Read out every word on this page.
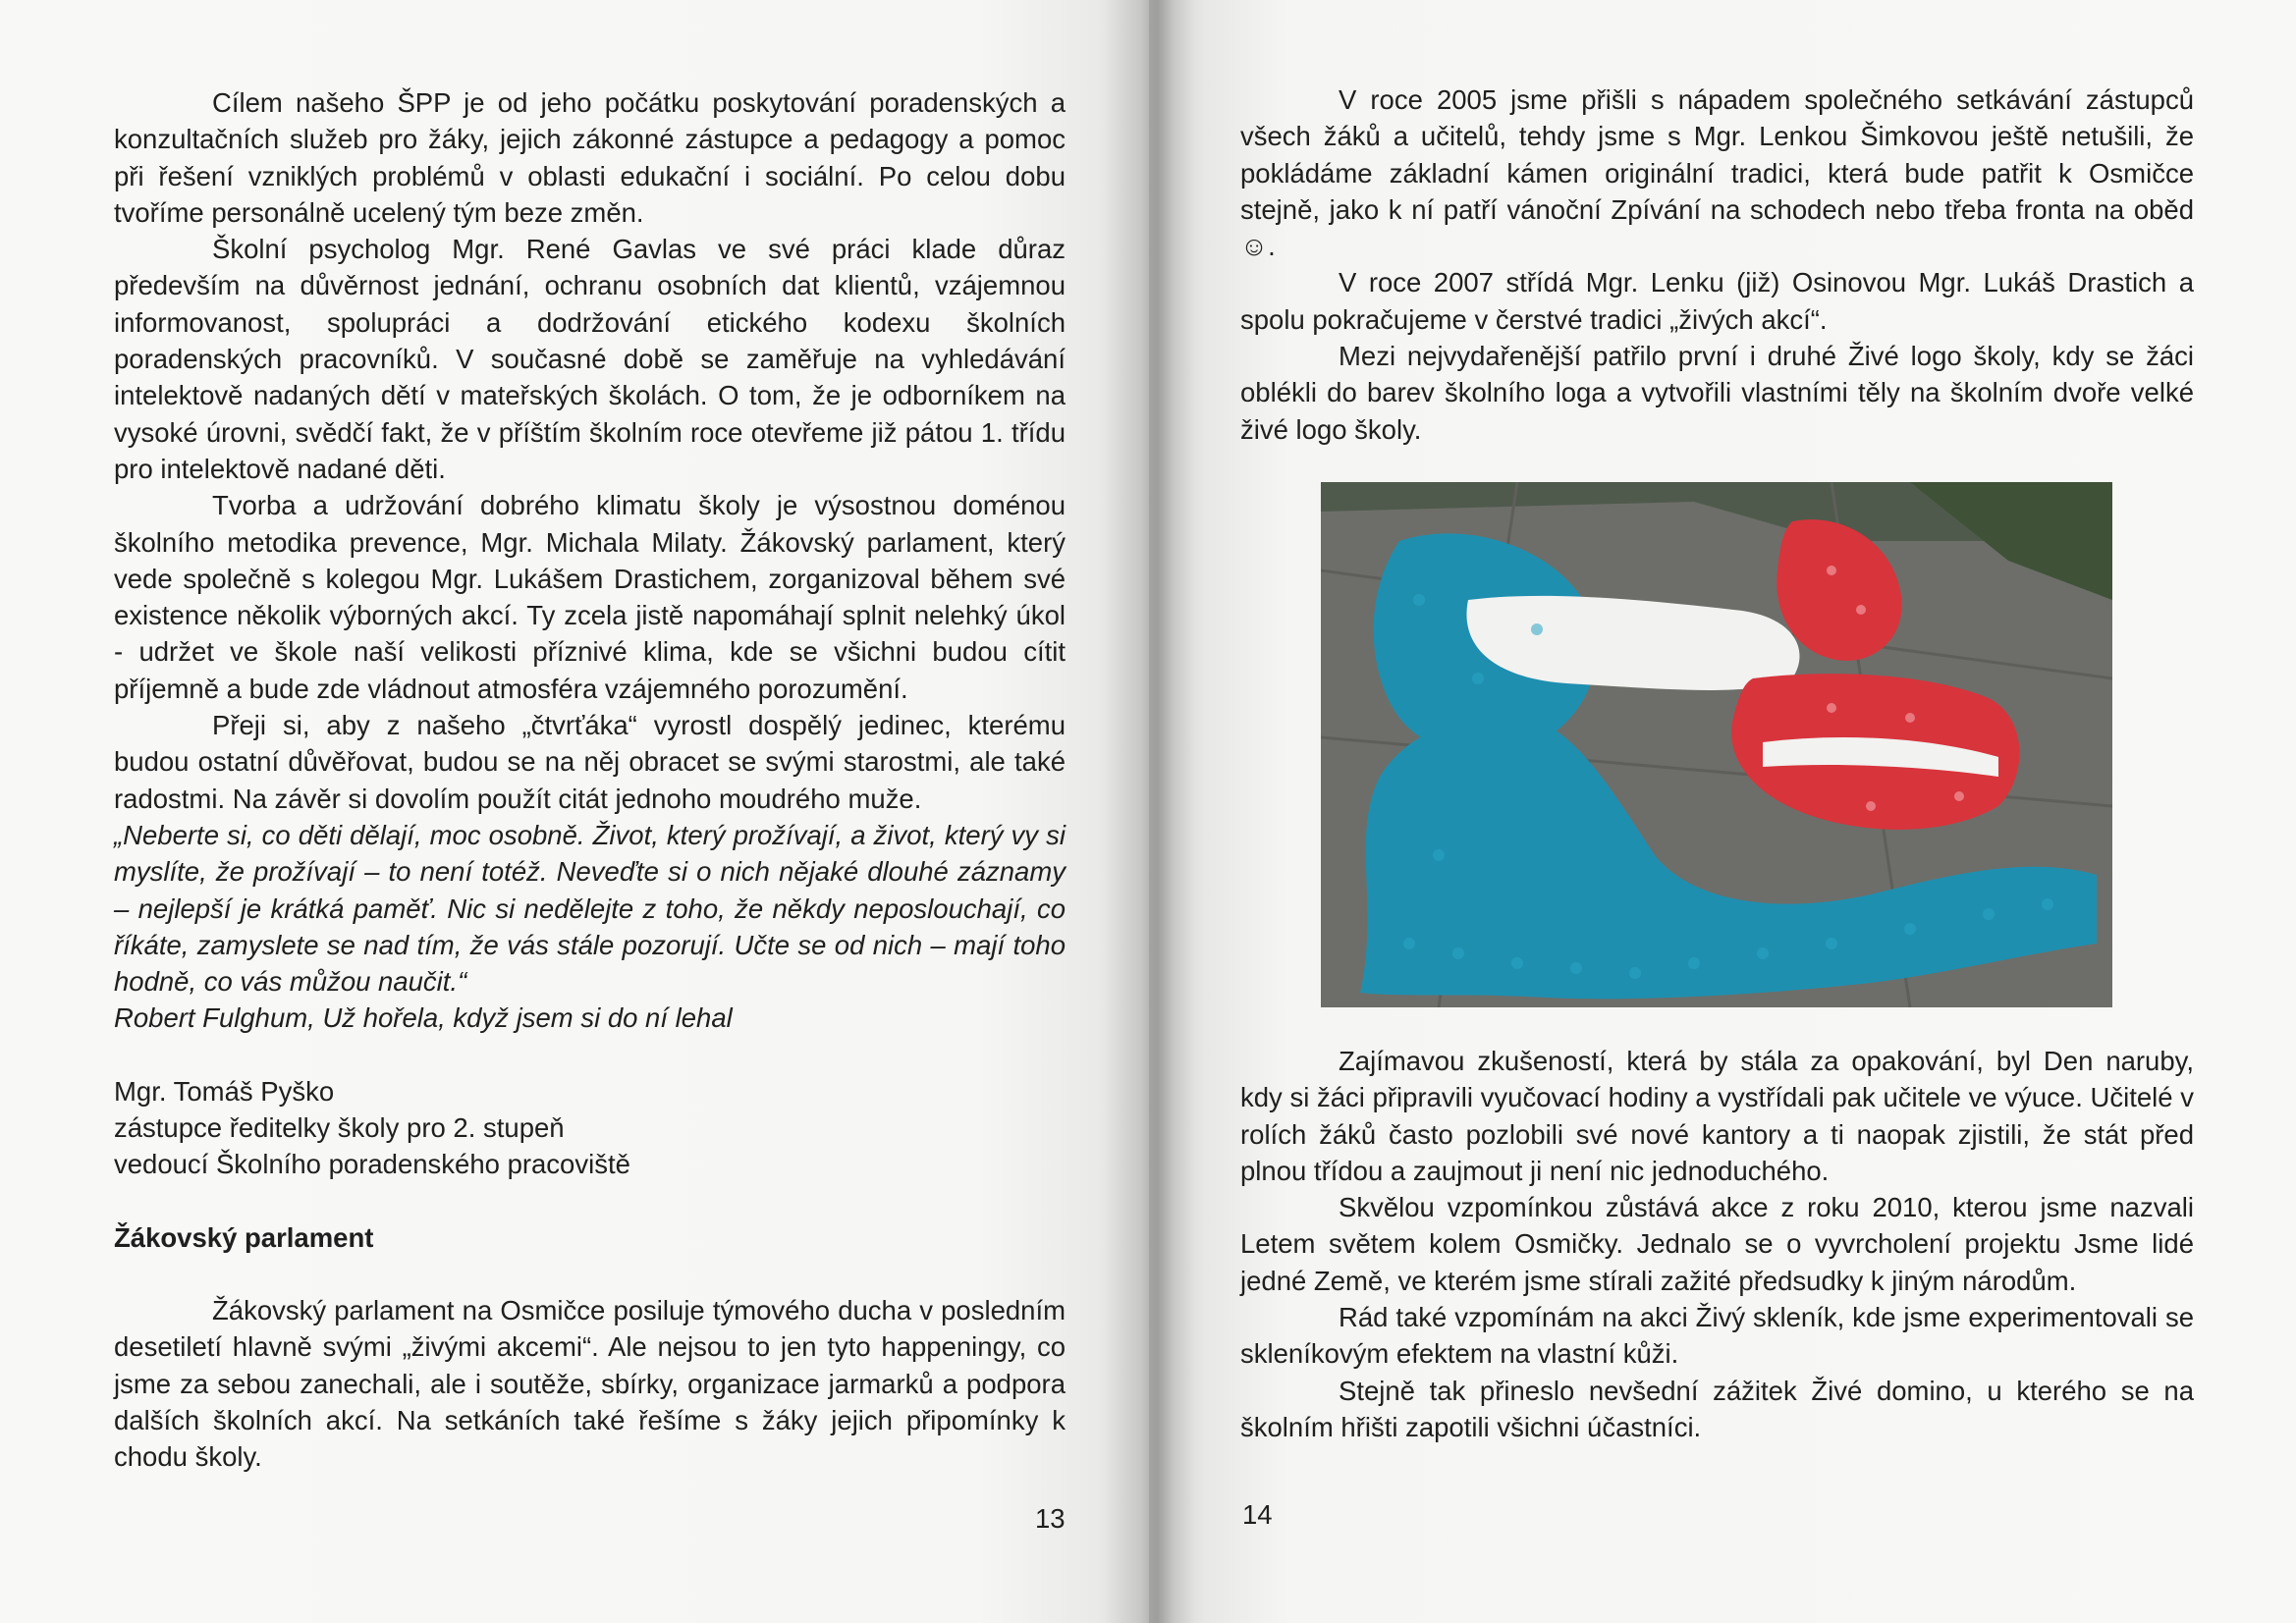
Cílem našeho ŠPP je od jeho počátku poskytování poradenských a konzultačních služeb pro žáky, jejich zákonné zástupce a pedagogy a pomoc při řešení vzniklých problémů v oblasti edukační i sociální. Po celou dobu tvoříme personálně ucelený tým beze změn.

Školní psycholog Mgr. René Gavlas ve své práci klade důraz především na důvěrnost jednání, ochranu osobních dat klientů, vzájemnou informovanost, spolupráci a dodržování etického kodexu školních poradenských pracovníků. V současné době se zaměřuje na vyhledávání intelektově nadaných dětí v mateřských školách. O tom, že je odborníkem na vysoké úrovni, svědčí fakt, že v příštím školním roce otevřeme již pátou 1. třídu pro intelektově nadané děti.

Tvorba a udržování dobrého klimatu školy je výsostnou doménou školního metodika prevence, Mgr. Michala Milaty. Žákovský parlament, který vede společně s kolegou Mgr. Lukášem Drastichem, zorganizoval během své existence několik výborných akcí. Ty zcela jistě napomáhají splnit nelehký úkol - udržet ve škole naší velikosti příznivé klima, kde se všichni budou cítit příjemně a bude zde vládnout atmosféra vzájemného porozumění.

Přeji si, aby z našeho „čtvrťáka“ vyrostl dospělý jedinec, kterému budou ostatní důvěřovat, budou se na něj obracet se svými starostmi, ale také radostmi. Na závěr si dovolím použít citát jednoho moudrého muže.

„Neberte si, co děti dělají, moc osobně. Život, který prožívají, a život, který vy si myslíte, že prožívají – to není totéž. Neveďte si o nich nějaké dlouhé záznamy – nejlepší je krátká paměť. Nic si nedělejte z toho, že někdy neposlouchají, co říkáte, zamyslete se nad tím, že vás stále pozorují. Učte se od nich – mají toho hodně, co vás můžou naučit.“

Robert Fulghum, Už hořela, když jsem si do ní lehal

Mgr. Tomáš Pyško

zástupce ředitelky školy pro 2. stupeň

vedoucí Školního poradenského pracoviště

Žákovský parlament

Žákovský parlament na Osmičce posiluje týmového ducha v posledním desetiletí hlavně svými „živými akcemi“. Ale nejsou to jen tyto happeningy, co jsme za sebou zanechali, ale i soutěže, sbírky, organizace jarmarků a podpora dalších školních akcí. Na setkáních také řešíme s žáky jejich připomínky k chodu školy.

13

V roce 2005 jsme přišli s nápadem společného setkávání zástupců všech žáků a učitelů, tehdy jsme s Mgr. Lenkou Šimkovou ještě netušili, že pokládáme základní kámen originální tradici, která bude patřit k Osmičce stejně, jako k ní patří vánoční Zpívání na schodech nebo třeba fronta na oběd☺.

V roce 2007 střídá Mgr. Lenku (již) Osinovou Mgr. Lukáš Drastich a spolu pokračujeme v čerstvé tradici „živých akcí“.

Mezi nejvydařenější patřilo první i druhé Živé logo školy, kdy se žáci oblékli do barev školního loga a vytvořili vlastními těly na školním dvoře velké živé logo školy.

Zajímavou zkušeností, která by stála za opakování, byl Den naruby, kdy si žáci připravili vyučovací hodiny a vystřídali pak učitele ve výuce. Učitelé v rolích žáků často pozlobili své nové kantory a ti naopak zjistili, že stát před plnou třídou a zaujmout ji není nic jednoduchého.

Skvělou vzpomínkou zůstává akce z roku 2010, kterou jsme nazvali Letem světem kolem Osmičky. Jednalo se o vyvrcholení projektu Jsme lidé jedné Země, ve kterém jsme stírali zažité předsudky k jiným národům.

Rád také vzpomínám na akci Živý skleník, kde jsme experimentovali se skleníkovým efektem na vlastní kůži.

Stejně tak přineslo nevšední zážitek Živé domino, u kterého se na školním hřišti zapotili všichni účastníci.

14
